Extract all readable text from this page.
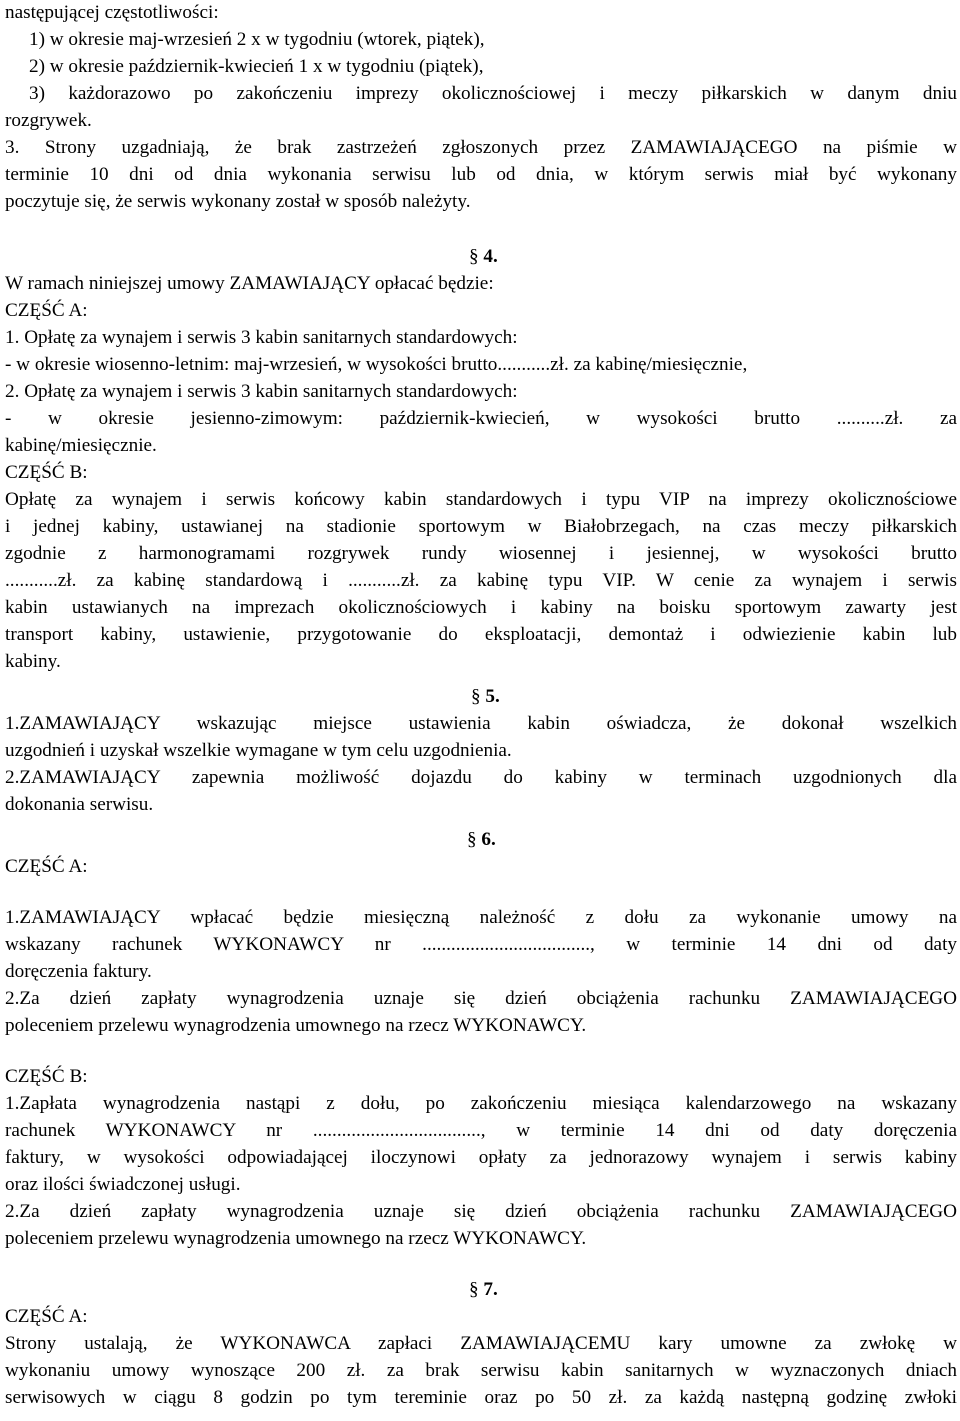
następującej częstotliwości:
1) w okresie maj-wrzesień 2 x w tygodniu (wtorek, piątek),
2) w okresie październik-kwiecień 1 x w tygodniu (piątek),
3) każdorazowo po zakończeniu imprezy okolicznościowej i meczy piłkarskich w danym dniu
rozgrywek.
3. Strony uzgadniają, że brak zastrzeżeń zgłoszonych przez ZAMAWIAJĄCEGO na piśmie w
terminie 10 dni od dnia wykonania serwisu lub od dnia, w którym serwis miał być wykonany
poczytuje się, że serwis wykonany został w sposób należyty.
§ 4.
W ramach niniejszej umowy ZAMAWIAJĄCY opłacać będzie:
CZĘŚĆ A:
1. Opłatę za wynajem i serwis 3 kabin sanitarnych standardowych:
- w okresie wiosenno-letnim: maj-wrzesień, w wysokości brutto...........zł. za kabinę/miesięcznie,
2. Opłatę za wynajem i serwis 3 kabin sanitarnych standardowych:
- w okresie jesienno-zimowym: październik-kwiecień, w wysokości brutto ..........zł. za
kabinę/miesięcznie.
CZĘŚĆ B:
Opłatę za wynajem i serwis końcowy kabin standardowych i typu VIP na imprezy okolicznościowe
i jednej kabiny, ustawianej na stadionie sportowym w Białobrzegach, na czas meczy piłkarskich
zgodnie z harmonogramami rozgrywek rundy wiosennej i jesiennej, w wysokości brutto
...........zł. za kabinę standardową i ...........zł. za kabinę typu VIP. W cenie za wynajem i serwis
kabin ustawianych na imprezach okolicznościowych i kabiny na boisku sportowym zawarty jest
transport kabiny, ustawienie, przygotowanie do eksploatacji, demontaż i odwiezienie kabin lub
kabiny.
§ 5.
1.ZAMAWIAJĄCY wskazując miejsce ustawienia kabin oświadcza, że dokonał wszelkich
uzgodnień i uzyskał wszelkie wymagane w tym celu uzgodnienia.
2.ZAMAWIAJĄCY zapewnia możliwość dojazdu do kabiny w terminach uzgodnionych dla
dokonania serwisu.
§ 6.
CZĘŚĆ A:
1.ZAMAWIAJĄCY wpłacać będzie miesięczną należność z dołu za wykonanie umowy na
wskazany rachunek WYKONAWCY nr ..................................., w terminie 14 dni od daty
doręczenia faktury.
2.Za dzień zapłaty wynagrodzenia uznaje się dzień obciążenia rachunku ZAMAWIAJĄCEGO
poleceniem przelewu wynagrodzenia umownego na rzecz WYKONAWCY.
CZĘŚĆ B:
1.Zapłata wynagrodzenia nastąpi z dołu, po zakończeniu miesiąca kalendarzowego na wskazany
rachunek WYKONAWCY nr ..................................., w terminie 14 dni od daty doręczenia
faktury, w wysokości odpowiadającej iloczynowi opłaty za jednorazowy wynajem i serwis kabiny
oraz ilości świadczonej usługi.
2.Za dzień zapłaty wynagrodzenia uznaje się dzień obciążenia rachunku ZAMAWIAJĄCEGO
poleceniem przelewu wynagrodzenia umownego na rzecz WYKONAWCY.
§ 7.
CZĘŚĆ A:
Strony ustalają, że WYKONAWCA zapłaci ZAMAWIAJĄCEMU kary umowne za zwłokę w
wykonaniu umowy wynoszące 200 zł. za brak serwisu kabin sanitarnych w wyznaczonych dniach
serwisowych w ciągu 8 godzin po tym tereminie oraz po 50 zł. za każdą następną godzinę zwłoki
